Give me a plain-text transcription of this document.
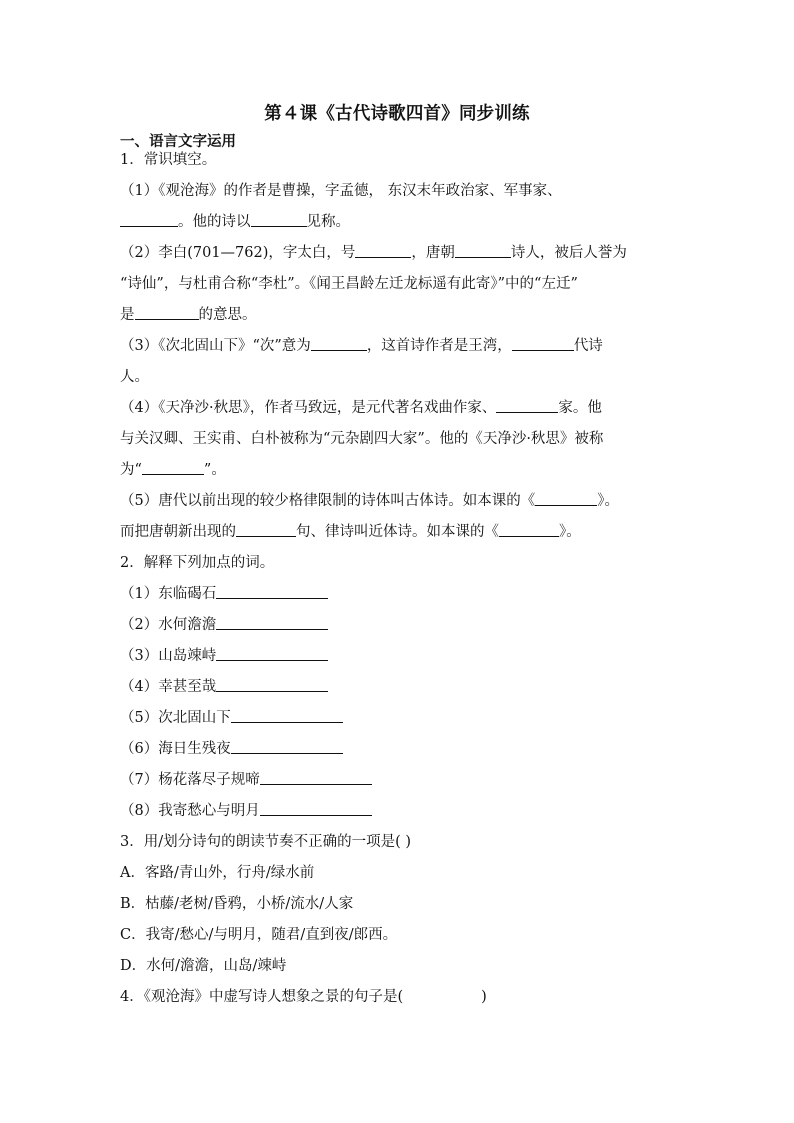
第４课《古代诗歌四首》同步训练
一、语言文字运用
1．常识填空。
（1）《观沧海》的作者是曹操，字孟德， 东汉末年政治家、军事家、
。他的诗以	见称。
（2）李白(701—762)，字太白，号	，唐朝	诗人，被后人誉为
“诗仙”，与杜甫合称“李杜”。《闻王昌龄左迁龙标遥有此寄》”中的“左迁”
是	的意思。
（3）《次北固山下》“次”意为	，这首诗作者是王湾，	代诗
人。
（4）《天净沙·秋思》，作者马致远，是元代著名戏曲作家、	家。他
与关汉卿、王实甫、白朴被称为“元杂剧四大家”。他的《天净沙·秋思》被称
为“	”。
（5）唐代以前出现的较少格律限制的诗体叫古体诗。如本课的《	》。
而把唐朝新出现的	句、律诗叫近体诗。如本课的《	》。
2．解释下列加点的词。
（1）东临碣石
（2）水何澹澹
（3）山岛竦峙
（4）幸甚至哉
（5）次北固山下
（6）海日生残夜
（7）杨花落尽子规啼
（8）我寄愁心与明月
3．用/划分诗句的朗读节奏不正确的一项是( )
A．客路/青山外，行舟/绿水前
B．枯藤/老树/昏鸦，小桥/流水/人家
C．我寄/愁心/与明月，随君/直到夜/郎西。
D．水何/澹澹，山岛/竦峙
4．《观沧海》中虚写诗人想象之景的句子是(	)
